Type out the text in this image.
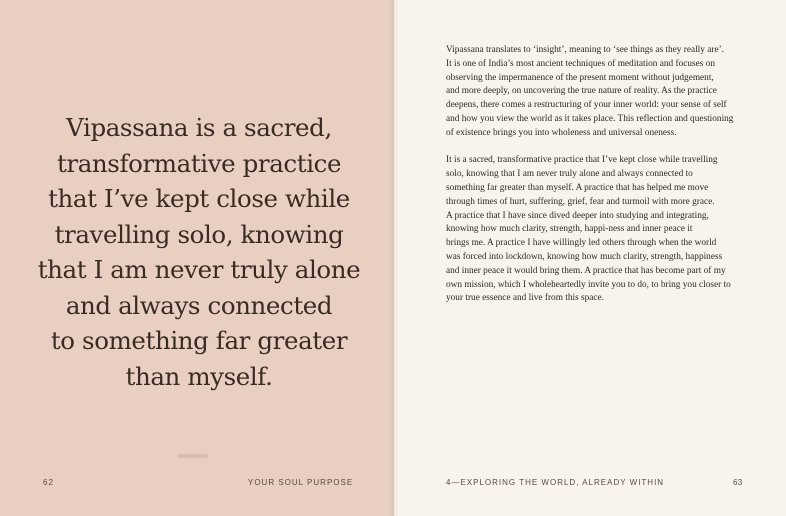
Vipassana is a sacred,
transformative practice
that I’ve kept close while
travelling solo, knowing
that I am never truly alone
and always connected
to something far greater
than myself.
62	YOUR SOUL PURPOSE

Vipassana translates to ‘insight’, meaning to ‘see things as they really are’.
It is one of India’s most ancient techniques of meditation and focuses on
observing the impermanence of the present moment without judgement,
and more deeply, on uncovering the true nature of reality. As the practice
deepens, there comes a restructuring of your inner world: your sense of self
and how you view the world as it takes place. This reflection and questioning
of existence brings you into wholeness and universal oneness.

It is a sacred, transformative practice that I’ve kept close while travelling
solo, knowing that I am never truly alone and always connected to
something far greater than myself. A practice that has helped me move
through times of hurt, suffering, grief, fear and turmoil with more grace.
A practice that I have since dived deeper into studying and integrating,
knowing how much clarity, strength, happi-ness and inner peace it
brings me. A practice I have willingly led others through when the world
was forced into lockdown, knowing how much clarity, strength, happiness
and inner peace it would bring them. A practice that has become part of my
own mission, which I wholeheartedly invite you to do, to bring you closer to
your true essence and live from this space.

4—EXPLORING THE WORLD, ALREADY WITHIN	63
